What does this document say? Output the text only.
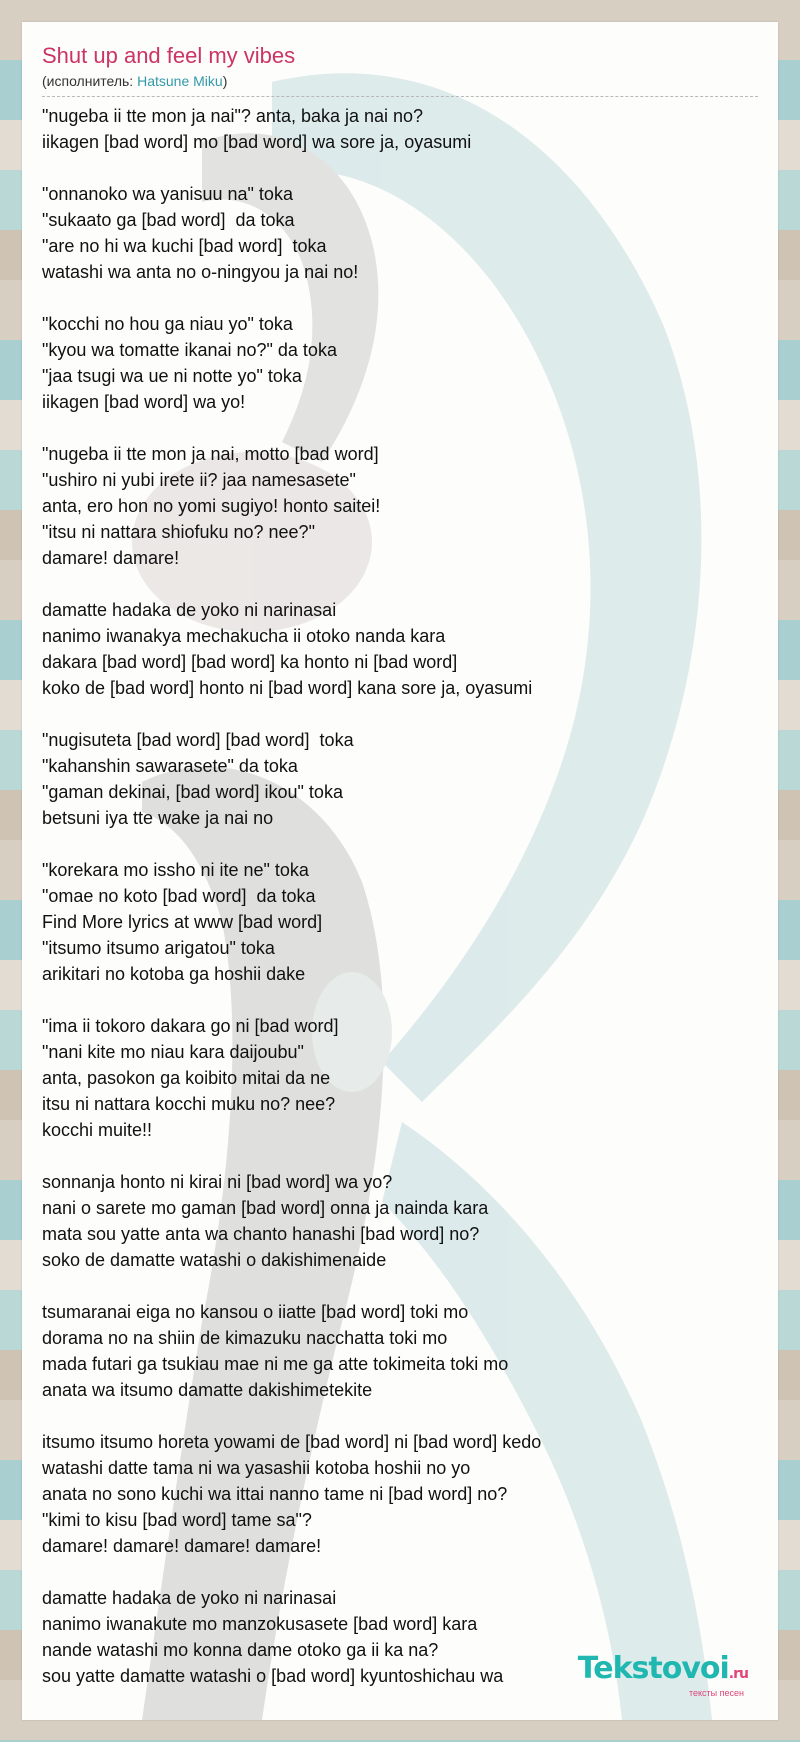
Shut up and feel my vibes
(исполнитель: Hatsune Miku)
"nugeba ii tte mon ja nai"? anta, baka ja nai no?
iikagen [bad word] mo [bad word] wa sore ja, oyasumi
"onnanoko wa yanisuu na" toka
"sukaato ga [bad word]  da toka
"are no hi wa kuchi [bad word]  toka
watashi wa anta no o-ningyou ja nai no!
"kocchi no hou ga niau yo" toka
"kyou wa tomatte ikanai no?" da toka
"jaa tsugi wa ue ni notte yo" toka
iikagen [bad word] wa yo!
"nugeba ii tte mon ja nai, motto [bad word]
"ushiro ni yubi irete ii? jaa namesasete"
anta, ero hon no yomi sugiyo! honto saitei!
"itsu ni nattara shiofuku no? nee?"
damare! damare!
damatte hadaka de yoko ni narinasai
nanimo iwanakya mechakucha ii otoko nanda kara
dakara [bad word] [bad word] ka honto ni [bad word]
koko de [bad word] honto ni [bad word] kana sore ja, oyasumi
"nugisuteta [bad word] [bad word]  toka
"kahanshin sawarasete" da toka
"gaman dekinai, [bad word] ikou" toka
betsuni iya tte wake ja nai no
"korekara mo issho ni ite ne" toka
"omae no koto [bad word]  da toka
Find More lyrics at www [bad word]
"itsumo itsumo arigatou" toka
arikitari no kotoba ga hoshii dake
"ima ii tokoro dakara go ni [bad word]
"nani kite mo niau kara daijoubu"
anta, pasokon ga koibito mitai da ne
itsu ni nattara kocchi muku no? nee?
kocchi muite!!
sonnanja honto ni kirai ni [bad word] wa yo?
nani o sarete mo gaman [bad word] onna ja nainda kara
mata sou yatte anta wa chanto hanashi [bad word] no?
soko de damatte watashi o dakishimenaide
tsumaranai eiga no kansou o iiatte [bad word] toki mo
dorama no na shiin de kimazuku nacchatta toki mo
mada futari ga tsukiau mae ni me ga atte tokimeita toki mo
anata wa itsumo damatte dakishimetekite
itsumo itsumo horeta yowami de [bad word] ni [bad word] kedo
watashi datte tama ni wa yasashii kotoba hoshii no yo
anata no sono kuchi wa ittai nanno tame ni [bad word] no?
"kimi to kisu [bad word] tame sa"?
damare! damare! damare! damare!
damatte hadaka de yoko ni narinasai
nanimo iwanakute mo manzokusasete [bad word] kara
nande watashi mo konna dame otoko ga ii ka na?
sou yatte damatte watashi o [bad word] kyuntoshichau wa	Tekstovoi.ru
тексты песен
